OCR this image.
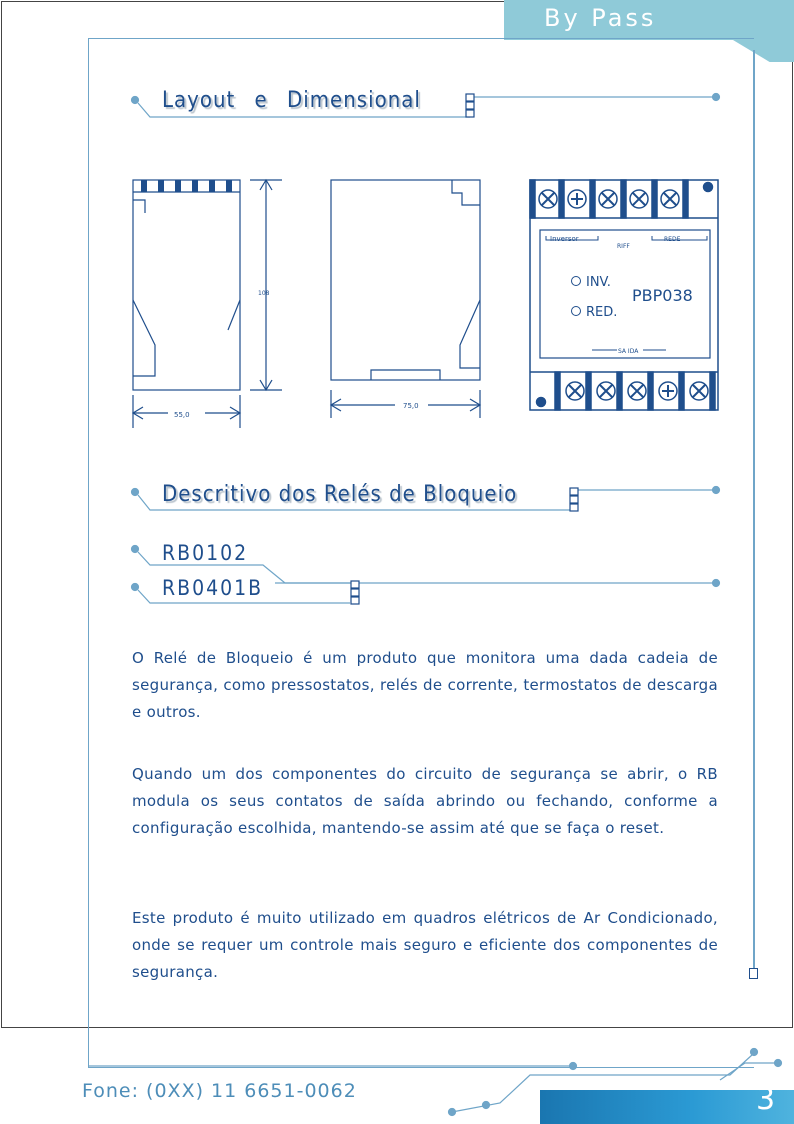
By Pass
Layout e Dimensional
Descritivo dos Relés de Bloqueio
RB0102
RB0401B
108
55,0
75,0
Inversor
RIFF
REDE
INV.
RED.
PBP038
SA IDA

O Relé de Bloqueio é um produto que monitora uma dada cadeia de segurança, como pressostatos, relés de corrente, termostatos de descarga e outros.

Quando um dos componentes do circuito de segurança se abrir, o RB modula os seus contatos de saída abrindo ou fechando, conforme a configuração escolhida, mantendo-se assim até que se faça o reset.

Este produto é muito utilizado em quadros elétricos de Ar Condicionado, onde se requer um controle mais seguro e eficiente dos componentes de segurança.

Fone: (0XX) 11 6651-0062	3
